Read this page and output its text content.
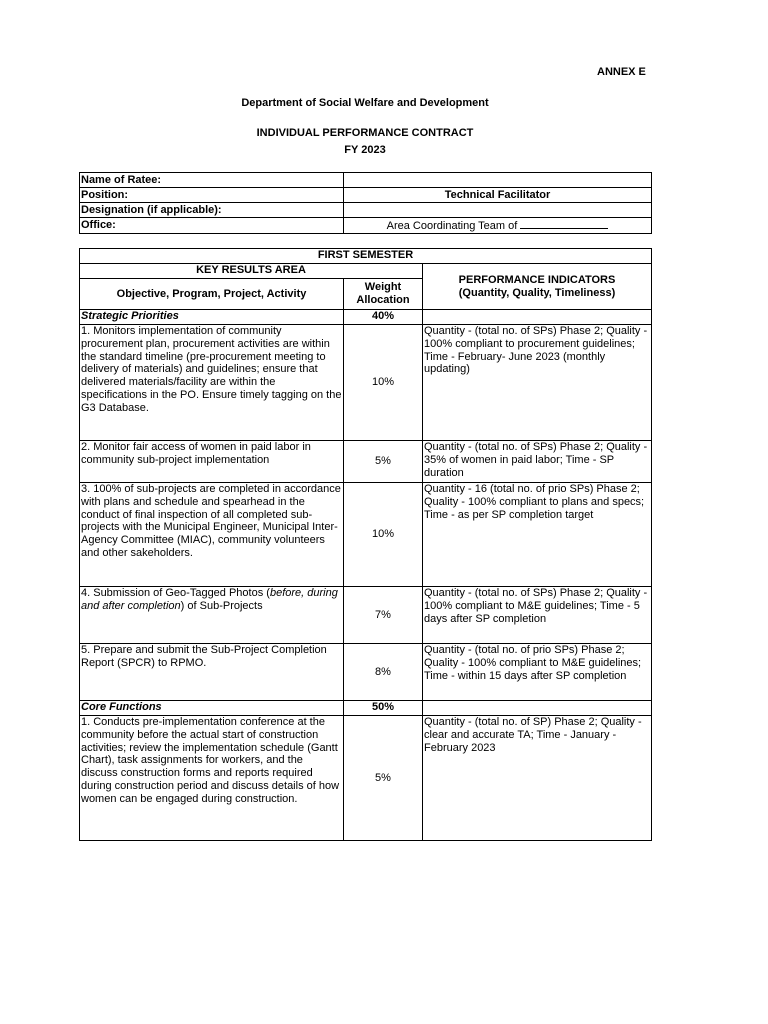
ANNEX E
Department of Social Welfare and Development
INDIVIDUAL PERFORMANCE CONTRACT
FY 2023
Name of Ratee:	
Position:	Technical Facilitator
Designation (if applicable):	
Office:	Area Coordinating Team of
FIRST SEMESTER		
KEY RESULTS AREA		PERFORMANCE INDICATORS
(Quantity, Quality, Timeliness)

Objective, Program, Project, Activity	Weight
Allocation	

Strategic Priorities	40%	
1. Monitors implementation of community procurement plan, procurement activities are within the standard timeline (pre-procurement meeting to delivery of materials) and guidelines; ensure that delivered materials/facility are within the specifications in the PO. Ensure timely tagging on the G3 Database.	10%	Quantity - (total no. of SPs) Phase 2; Quality - 100% compliant to procurement guidelines; Time - February- June 2023 (monthly updating)
2. Monitor fair access of women in paid labor in community sub-project implementation	5%	Quantity - (total no. of SPs) Phase 2; Quality - 35% of women in paid labor; Time - SP duration
3. 100% of sub-projects are completed in accordance with plans and schedule and spearhead in the conduct of final inspection of all completed sub-projects with the Municipal Engineer, Municipal Inter-Agency Committee (MIAC), community volunteers and other sakeholders.	10%	Quantity - 16 (total no. of prio SPs) Phase 2; Quality - 100% compliant to plans and specs; Time - as per SP completion target
4. Submission of Geo-Tagged Photos (before, during and after completion) of Sub-Projects	7%	Quantity - (total no. of SPs) Phase 2; Quality - 100% compliant to M&E guidelines; Time - 5 days after SP completion
5. Prepare and submit the Sub-Project Completion Report (SPCR) to RPMO.	8%	Quantity - (total no. of prio SPs) Phase 2; Quality - 100% compliant to M&E guidelines; Time - within 15 days after SP completion
Core Functions	50%	
1. Conducts pre-implementation conference at the community before the actual start of construction activities; review the implementation schedule (Gantt Chart), task assignments for workers, and the discuss construction forms and reports required during construction period and discuss details of how women can be engaged during construction.	5%	Quantity - (total no. of SP) Phase 2; Quality - clear and accurate TA; Time - January - February 2023
